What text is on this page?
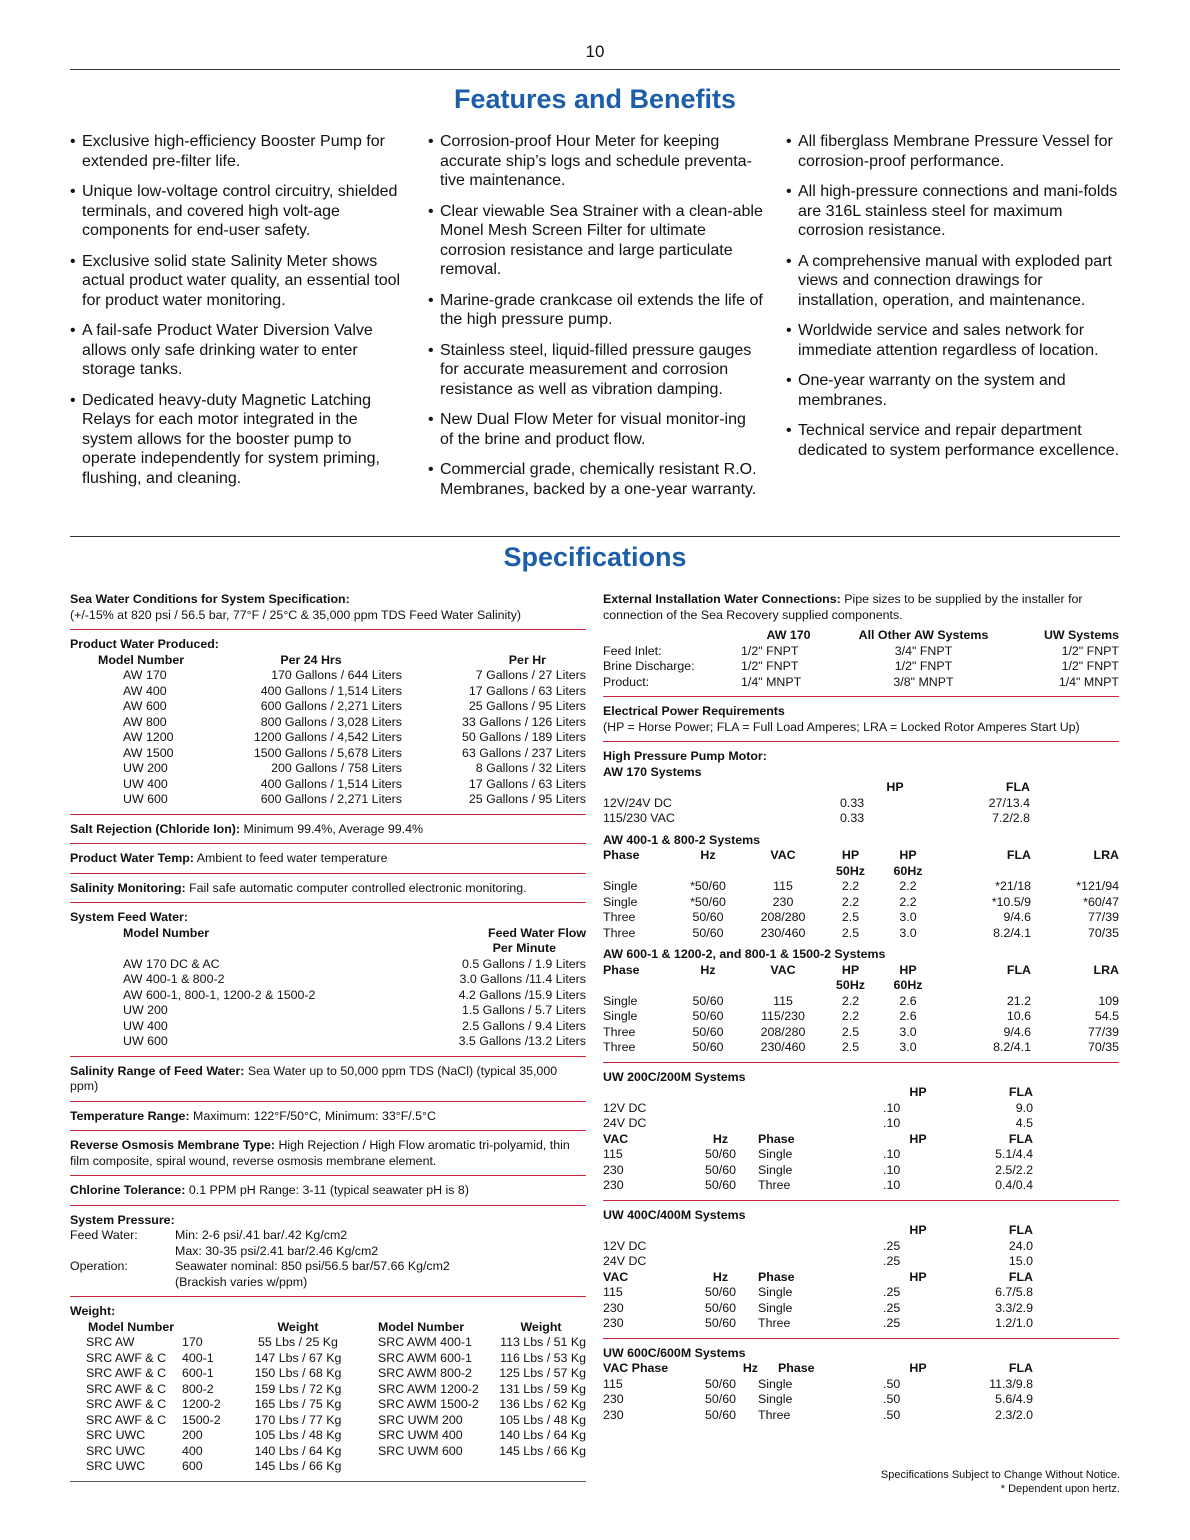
10
Features and Benefits
• Exclusive high-efficiency Booster Pump for extended pre-filter life.
• Unique low-voltage control circuitry, shielded terminals, and covered high volt-age components for end-user safety.
• Exclusive solid state Salinity Meter shows actual product water quality, an essential tool for product water monitoring.
• A fail-safe Product Water Diversion Valve allows only safe drinking water to enter storage tanks.
• Dedicated heavy-duty Magnetic Latching Relays for each motor integrated in the system allows for the booster pump to operate independently for system priming, flushing, and cleaning.
• Corrosion-proof Hour Meter for keeping accurate ship’s logs and schedule preventa-tive maintenance.
• Clear viewable Sea Strainer with a clean-able Monel Mesh Screen Filter for ultimate corrosion resistance and large particulate removal.
• Marine-grade crankcase oil extends the life of the high pressure pump.
• Stainless steel, liquid-filled pressure gauges for accurate measurement and corrosion resistance as well as vibration damping.
• New Dual Flow Meter for visual monitor-ing of the brine and product flow.
• Commercial grade, chemically resistant R.O. Membranes, backed by a one-year warranty.
• All fiberglass Membrane Pressure Vessel for corrosion-proof performance.
• All high-pressure connections and mani-folds are 316L stainless steel for maximum corrosion resistance.
• A comprehensive manual with exploded part views and connection drawings for installation, operation, and maintenance.
• Worldwide service and sales network for immediate attention regardless of location.
• One-year warranty on the system and membranes.
• Technical service and repair department dedicated to system performance excellence.
Specifications
Sea Water Conditions for System Specification:
(+/-15% at 820 psi / 56.5 bar, 77°F / 25°C & 35,000 ppm TDS Feed Water Salinity)
Product Water Produced:
Model Number	Per 24 Hrs	Per Hr
AW 170	170 Gallons / 644 Liters	7 Gallons / 27 Liters
AW 400	400 Gallons / 1,514 Liters	17 Gallons / 63 Liters
AW 600	600 Gallons / 2,271 Liters	25 Gallons / 95 Liters
AW 800	800 Gallons / 3,028 Liters	33 Gallons / 126 Liters
AW 1200	1200 Gallons / 4,542 Liters	50 Gallons / 189 Liters
AW 1500	1500 Gallons / 5,678 Liters	63 Gallons / 237 Liters
UW 200	200 Gallons / 758 Liters	8 Gallons / 32 Liters
UW 400	400 Gallons / 1,514 Liters	17 Gallons / 63 Liters
UW 600	600 Gallons / 2,271 Liters	25 Gallons / 95 Liters
Salt Rejection (Chloride Ion): Minimum 99.4%, Average 99.4%
Product Water Temp: Ambient to feed water temperature
Salinity Monitoring: Fail safe automatic computer controlled electronic monitoring.
System Feed Water:
Model Number	Feed Water Flow
	Per Minute
AW 170 DC & AC	0.5 Gallons / 1.9 Liters
AW 400-1 & 800-2	3.0 Gallons /11.4 Liters
AW 600-1, 800-1, 1200-2 & 1500-2	4.2 Gallons /15.9 Liters
UW 200	1.5 Gallons / 5.7 Liters
UW 400	2.5 Gallons / 9.4 Liters
UW 600	3.5 Gallons /13.2 Liters
Salinity Range of Feed Water: Sea Water up to 50,000 ppm TDS (NaCl) (typical 35,000 ppm)
Temperature Range: Maximum: 122°F/50°C, Minimum: 33°F/.5°C
Reverse Osmosis Membrane Type: High Rejection / High Flow aromatic tri-polyamid, thin film composite, spiral wound, reverse osmosis membrane element.
Chlorine Tolerance: 0.1 PPM pH Range: 3-11 (typical seawater pH is 8)
System Pressure:
Feed Water:	Min: 2-6 psi/.41 bar/.42 Kg/cm2
	Max: 30-35 psi/2.41 bar/2.46 Kg/cm2
Operation:	Seawater nominal: 850 psi/56.5 bar/57.66 Kg/cm2
	(Brackish varies w/ppm)
Weight:
Model Number		Weight	Model Number	Weight
SRC AW	170	55 Lbs / 25 Kg	SRC AWM 400-1	113 Lbs / 51 Kg
SRC AWF & C	400-1	147 Lbs / 67 Kg	SRC AWM 600-1	116 Lbs / 53 Kg
SRC AWF & C	600-1	150 Lbs / 68 Kg	SRC AWM 800-2	125 Lbs / 57 Kg
SRC AWF & C	800-2	159 Lbs / 72 Kg	SRC AWM 1200-2	131 Lbs / 59 Kg
SRC AWF & C	1200-2	165 Lbs / 75 Kg	SRC AWM 1500-2	136 Lbs / 62 Kg
SRC AWF & C	1500-2	170 Lbs / 77 Kg	SRC UWM 200	105 Lbs / 48 Kg
SRC UWC	200	105 Lbs / 48 Kg	SRC UWM 400	140 Lbs / 64 Kg
SRC UWC	400	140 Lbs / 64 Kg	SRC UWM 600	145 Lbs / 66 Kg
SRC UWC	600	145 Lbs / 66 Kg		
External Installation Water Connections: Pipe sizes to be supplied by the installer for connection of the Sea Recovery supplied components.
	AW 170	All Other AW Systems	UW Systems
Feed Inlet:	1/2" FNPT	3/4" FNPT	1/2" FNPT
Brine Discharge:	1/2" FNPT	1/2" FNPT	1/2" FNPT
Product:	1/4" MNPT	3/8" MNPT	1/4" MNPT
Electrical Power Requirements
(HP = Horse Power; FLA = Full Load Amperes; LRA = Locked Rotor Amperes Start Up)
High Pressure Pump Motor:
AW 170 Systems
	HP	FLA	
12V/24V DC	0.33	27/13.4	
115/230 VAC	0.33	7.2/2.8	
AW 400-1 & 800-2 Systems
Phase	Hz	VAC	HP	HP	FLA	LRA
			50Hz	60Hz		
Single	*50/60	115	2.2	2.2	*21/18	*121/94
Single	*50/60	230	2.2	2.2	*10.5/9	*60/47
Three	50/60	208/280	2.5	3.0	9/4.6	77/39
Three	50/60	230/460	2.5	3.0	8.2/4.1	70/35
AW 600-1 & 1200-2, and 800-1 & 1500-2 Systems
Phase	Hz	VAC	HP	HP	FLA	LRA
			50Hz	60Hz		
Single	50/60	115	2.2	2.6	21.2	109
Single	50/60	115/230	2.2	2.6	10.6	54.5
Three	50/60	208/280	2.5	3.0	9/4.6	77/39
Three	50/60	230/460	2.5	3.0	8.2/4.1	70/35
UW 200C/200M Systems
			HP	FLA	
12V DC			.10	9.0	
24V DC			.10	4.5	
VAC	Hz	Phase	HP	FLA	
115	50/60	Single	.10	5.1/4.4	
230	50/60	Single	.10	2.5/2.2	
230	50/60	Three	.10	0.4/0.4	
UW 400C/400M Systems
			HP	FLA	
12V DC			.25	24.0	
24V DC			.25	15.0	
VAC	Hz	Phase	HP	FLA	
115	50/60	Single	.25	6.7/5.8	
230	50/60	Single	.25	3.3/2.9	
230	50/60	Three	.25	1.2/1.0	
UW 600C/600M Systems
VAC Phase	Hz	Phase	HP	FLA	
115	50/60	Single	.50	11.3/9.8	
230	50/60	Single	.50	5.6/4.9	
230	50/60	Three	.50	2.3/2.0	
Specifications Subject to Change Without Notice.
* Dependent upon hertz.
